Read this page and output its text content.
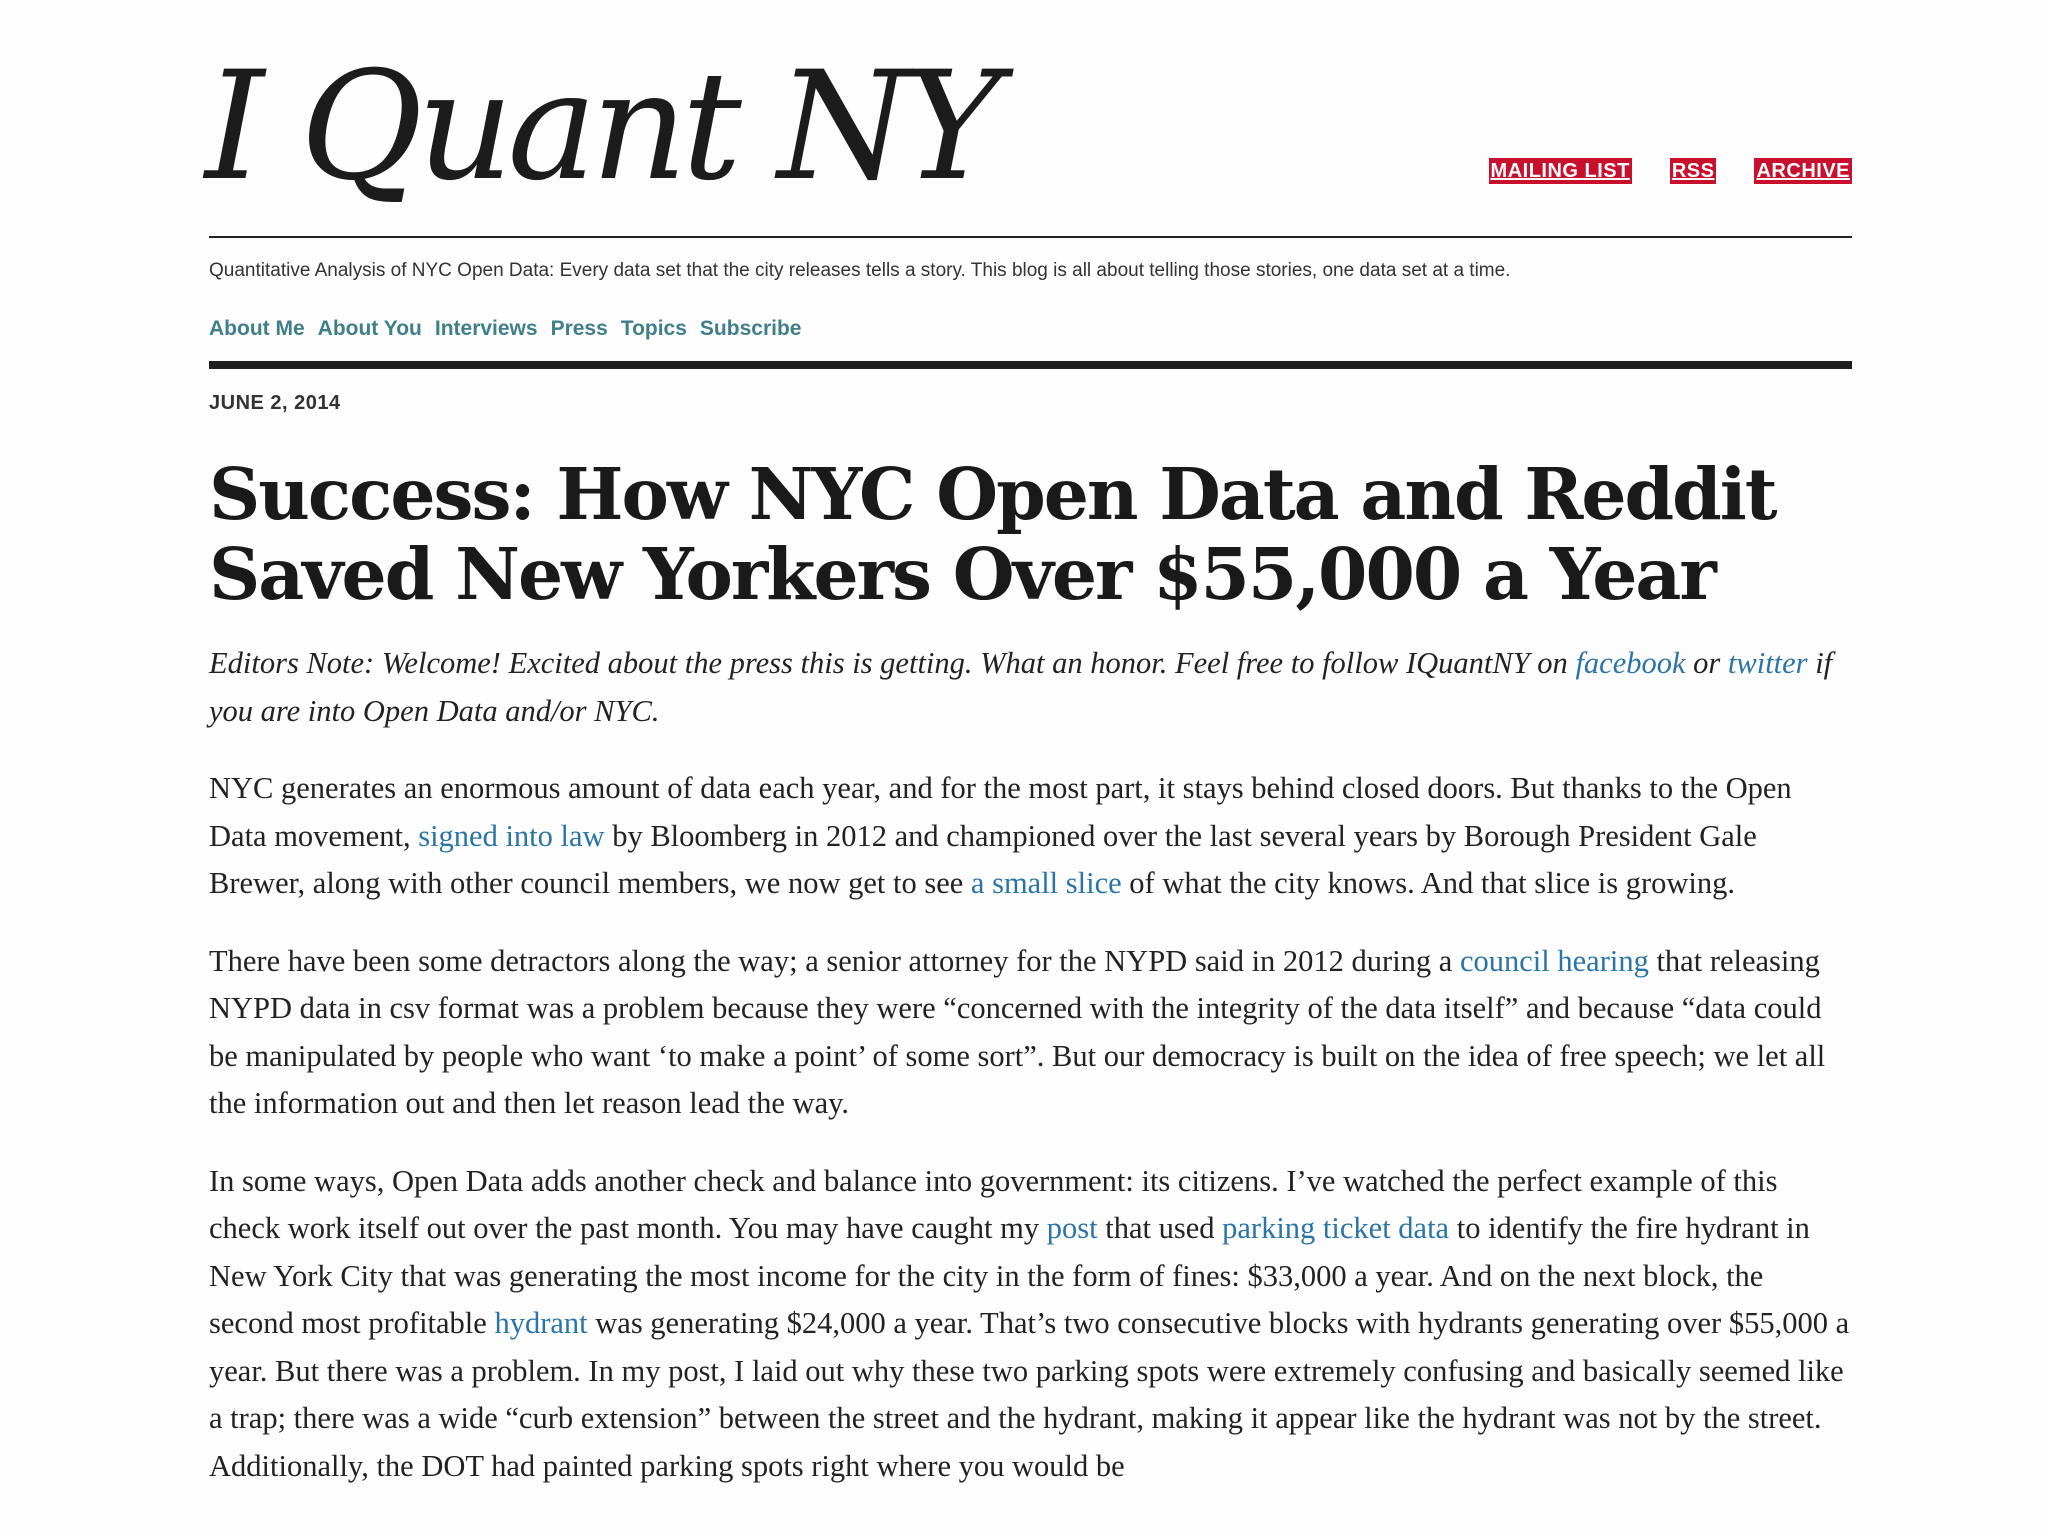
I Quant NY	MAILING LIST RSS ARCHIVE
Quantitative Analysis of NYC Open Data: Every data set that the city releases tells a story. This blog is all about telling those stories, one data set at a time.
About Me About You Interviews Press Topics Subscribe
JUNE 2, 2014
Success: How NYC Open Data and Reddit Saved New Yorkers Over $55,000 a Year

Editors Note: Welcome! Excited about the press this is getting. What an honor. Feel free to follow IQuantNY on facebook or twitter if you are into Open Data and/or NYC.

NYC generates an enormous amount of data each year, and for the most part, it stays behind closed doors. But thanks to the Open Data movement, signed into law by Bloomberg in 2012 and championed over the last several years by Borough President Gale Brewer, along with other council members, we now get to see a small slice of what the city knows. And that slice is growing.

There have been some detractors along the way; a senior attorney for the NYPD said in 2012 during a council hearing that releasing NYPD data in csv format was a problem because they were “concerned with the integrity of the data itself” and because “data could be manipulated by people who want ‘to make a point’ of some sort”. But our democracy is built on the idea of free speech; we let all the information out and then let reason lead the way.

In some ways, Open Data adds another check and balance into government: its citizens. I’ve watched the perfect example of this check work itself out over the past month. You may have caught my post that used parking ticket data to identify the fire hydrant in New York City that was generating the most income for the city in the form of fines: $33,000 a year. And on the next block, the second most profitable hydrant was generating $24,000 a year. That’s two consecutive blocks with hydrants generating over $55,000 a year. But there was a problem. In my post, I laid out why these two parking spots were extremely confusing and basically seemed like a trap; there was a wide “curb extension” between the street and the hydrant, making it appear like the hydrant was not by the street. Additionally, the DOT had painted parking spots right where you would be
